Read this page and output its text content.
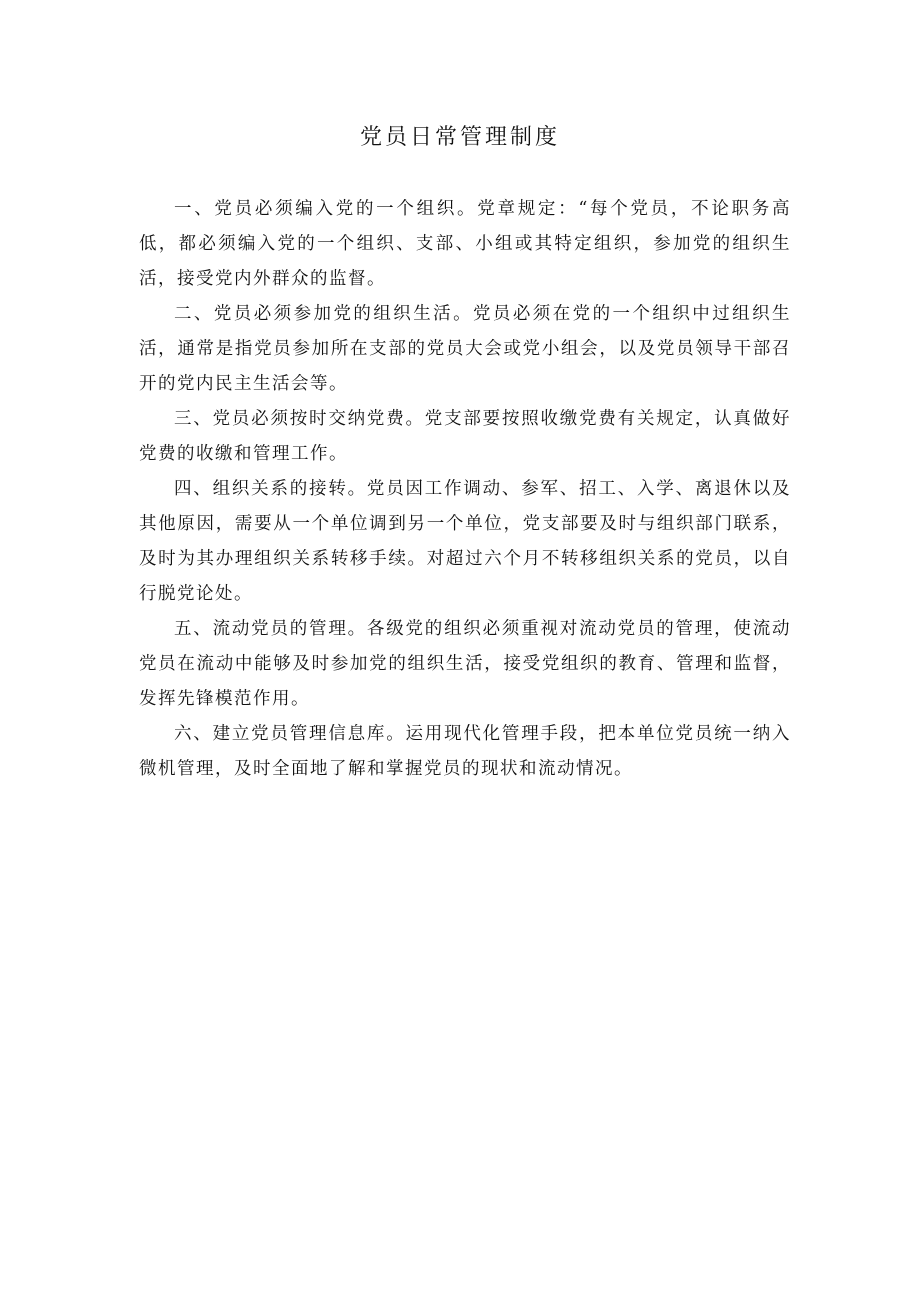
党员日常管理制度

一、党员必须编入党的一个组织。党章规定：“每个党员，不论职务高低，都必须编入党的一个组织、支部、小组或其特定组织，参加党的组织生活，接受党内外群众的监督。

二、党员必须参加党的组织生活。党员必须在党的一个组织中过组织生活，通常是指党员参加所在支部的党员大会或党小组会，以及党员领导干部召开的党内民主生活会等。

三、党员必须按时交纳党费。党支部要按照收缴党费有关规定，认真做好党费的收缴和管理工作。

四、组织关系的接转。党员因工作调动、参军、招工、入学、离退休以及其他原因，需要从一个单位调到另一个单位，党支部要及时与组织部门联系，及时为其办理组织关系转移手续。对超过六个月不转移组织关系的党员，以自行脱党论处。

五、流动党员的管理。各级党的组织必须重视对流动党员的管理，使流动党员在流动中能够及时参加党的组织生活，接受党组织的教育、管理和监督，发挥先锋模范作用。

六、建立党员管理信息库。运用现代化管理手段，把本单位党员统一纳入微机管理，及时全面地了解和掌握党员的现状和流动情况。
